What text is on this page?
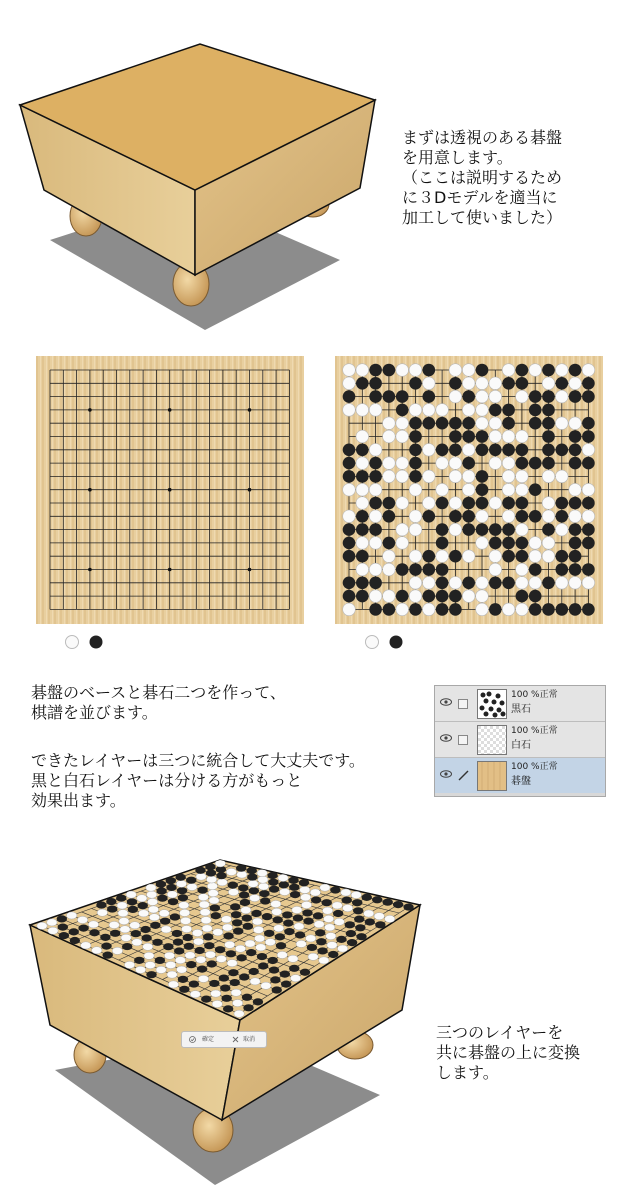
まずは透視のある碁盤
を用意します。
（ここは説明するため
に３Dモデルを適当に
加工して使いました）
碁盤のベースと碁石二つを作って、
棋譜を並びます。
できたレイヤーは三つに統合して大丈夫です。
黒と白石レイヤーは分ける方がもっと
効果出ます。
100 %正常
黒石
100 %正常
白石
100 %正常
碁盤
確定	取消	三つのレイヤーを
共に碁盤の上に変換
します。
